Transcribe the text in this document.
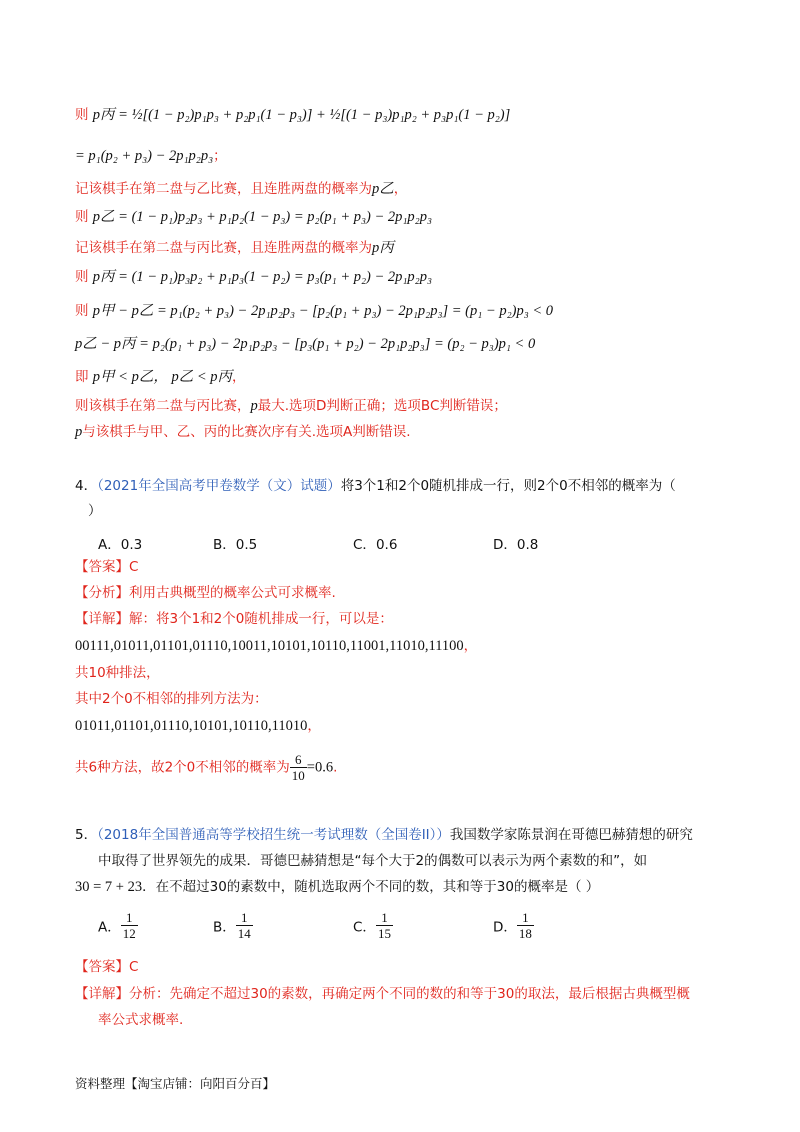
则 p丙 = ½[(1 − p₂)p₁p₃ + p₂p₁(1 − p₃)] + ½[(1 − p₃)p₁p₂ + p₃p₁(1 − p₂)]
= p₁(p₂ + p₃) − 2p₁p₂p₃；
记该棋手在第二盘与乙比赛，且连胜两盘的概率为p乙，
则 p乙 = (1 − p₁)p₂p₃ + p₁p₂(1 − p₃) = p₂(p₁ + p₃) − 2p₁p₂p₃
记该棋手在第二盘与丙比赛，且连胜两盘的概率为p丙
则 p丙 = (1 − p₁)p₃p₂ + p₁p₃(1 − p₂) = p₃(p₁ + p₂) − 2p₁p₂p₃
则 p甲 − p乙 = p₁(p₂ + p₃) − 2p₁p₂p₃ − [p₂(p₁ + p₃) − 2p₁p₂p₃] = (p₁ − p₂)p₃ < 0
p乙 − p丙 = p₂(p₁ + p₃) − 2p₁p₂p₃ − [p₃(p₁ + p₂) − 2p₁p₂p₃] = (p₂ − p₃)p₁ < 0
即 p甲 < p乙， p乙 < p丙，
则该棋手在第二盘与丙比赛，p最大.选项D判断正确；选项BC判断错误；
p与该棋手与甲、乙、丙的比赛次序有关.选项A判断错误.
4．（2021年全国高考甲卷数学（文）试题）将3个1和2个0随机排成一行，则2个0不相邻的概率为（
）
A．0.3	B．0.5	C．0.6	D．0.8
【答案】C
【分析】利用古典概型的概率公式可求概率.
【详解】解：将3个1和2个0随机排成一行，可以是：
00111,01011,01101,01110,10011,10101,10110,11001,11010,11100，
共10种排法，
其中2个0不相邻的排列方法为：
01011,01101,01110,10101,10110,11010，
共6种方法，故2个0不相邻的概率为 $\frac{6}{10} =0.6$.
5．（2018年全国普通高等学校招生统一考试理数（全国卷II））我国数学家陈景润在哥德巴赫猜想的研究
中取得了世界领先的成果．哥德巴赫猜想是“每个大于2的偶数可以表示为两个素数的和”，如
30 = 7 + 23．在不超过30的素数中，随机选取两个不同的数，其和等于30的概率是（ ）
A． $\frac{1}{12}$	B． $\frac{1}{14}$	C． $\frac{1}{15}$	D． $\frac{1}{18}$
【答案】C
【详解】分析：先确定不超过30的素数，再确定两个不同的数的和等于30的取法，最后根据古典概型概
率公式求概率.
资料整理【淘宝店铺：向阳百分百】
